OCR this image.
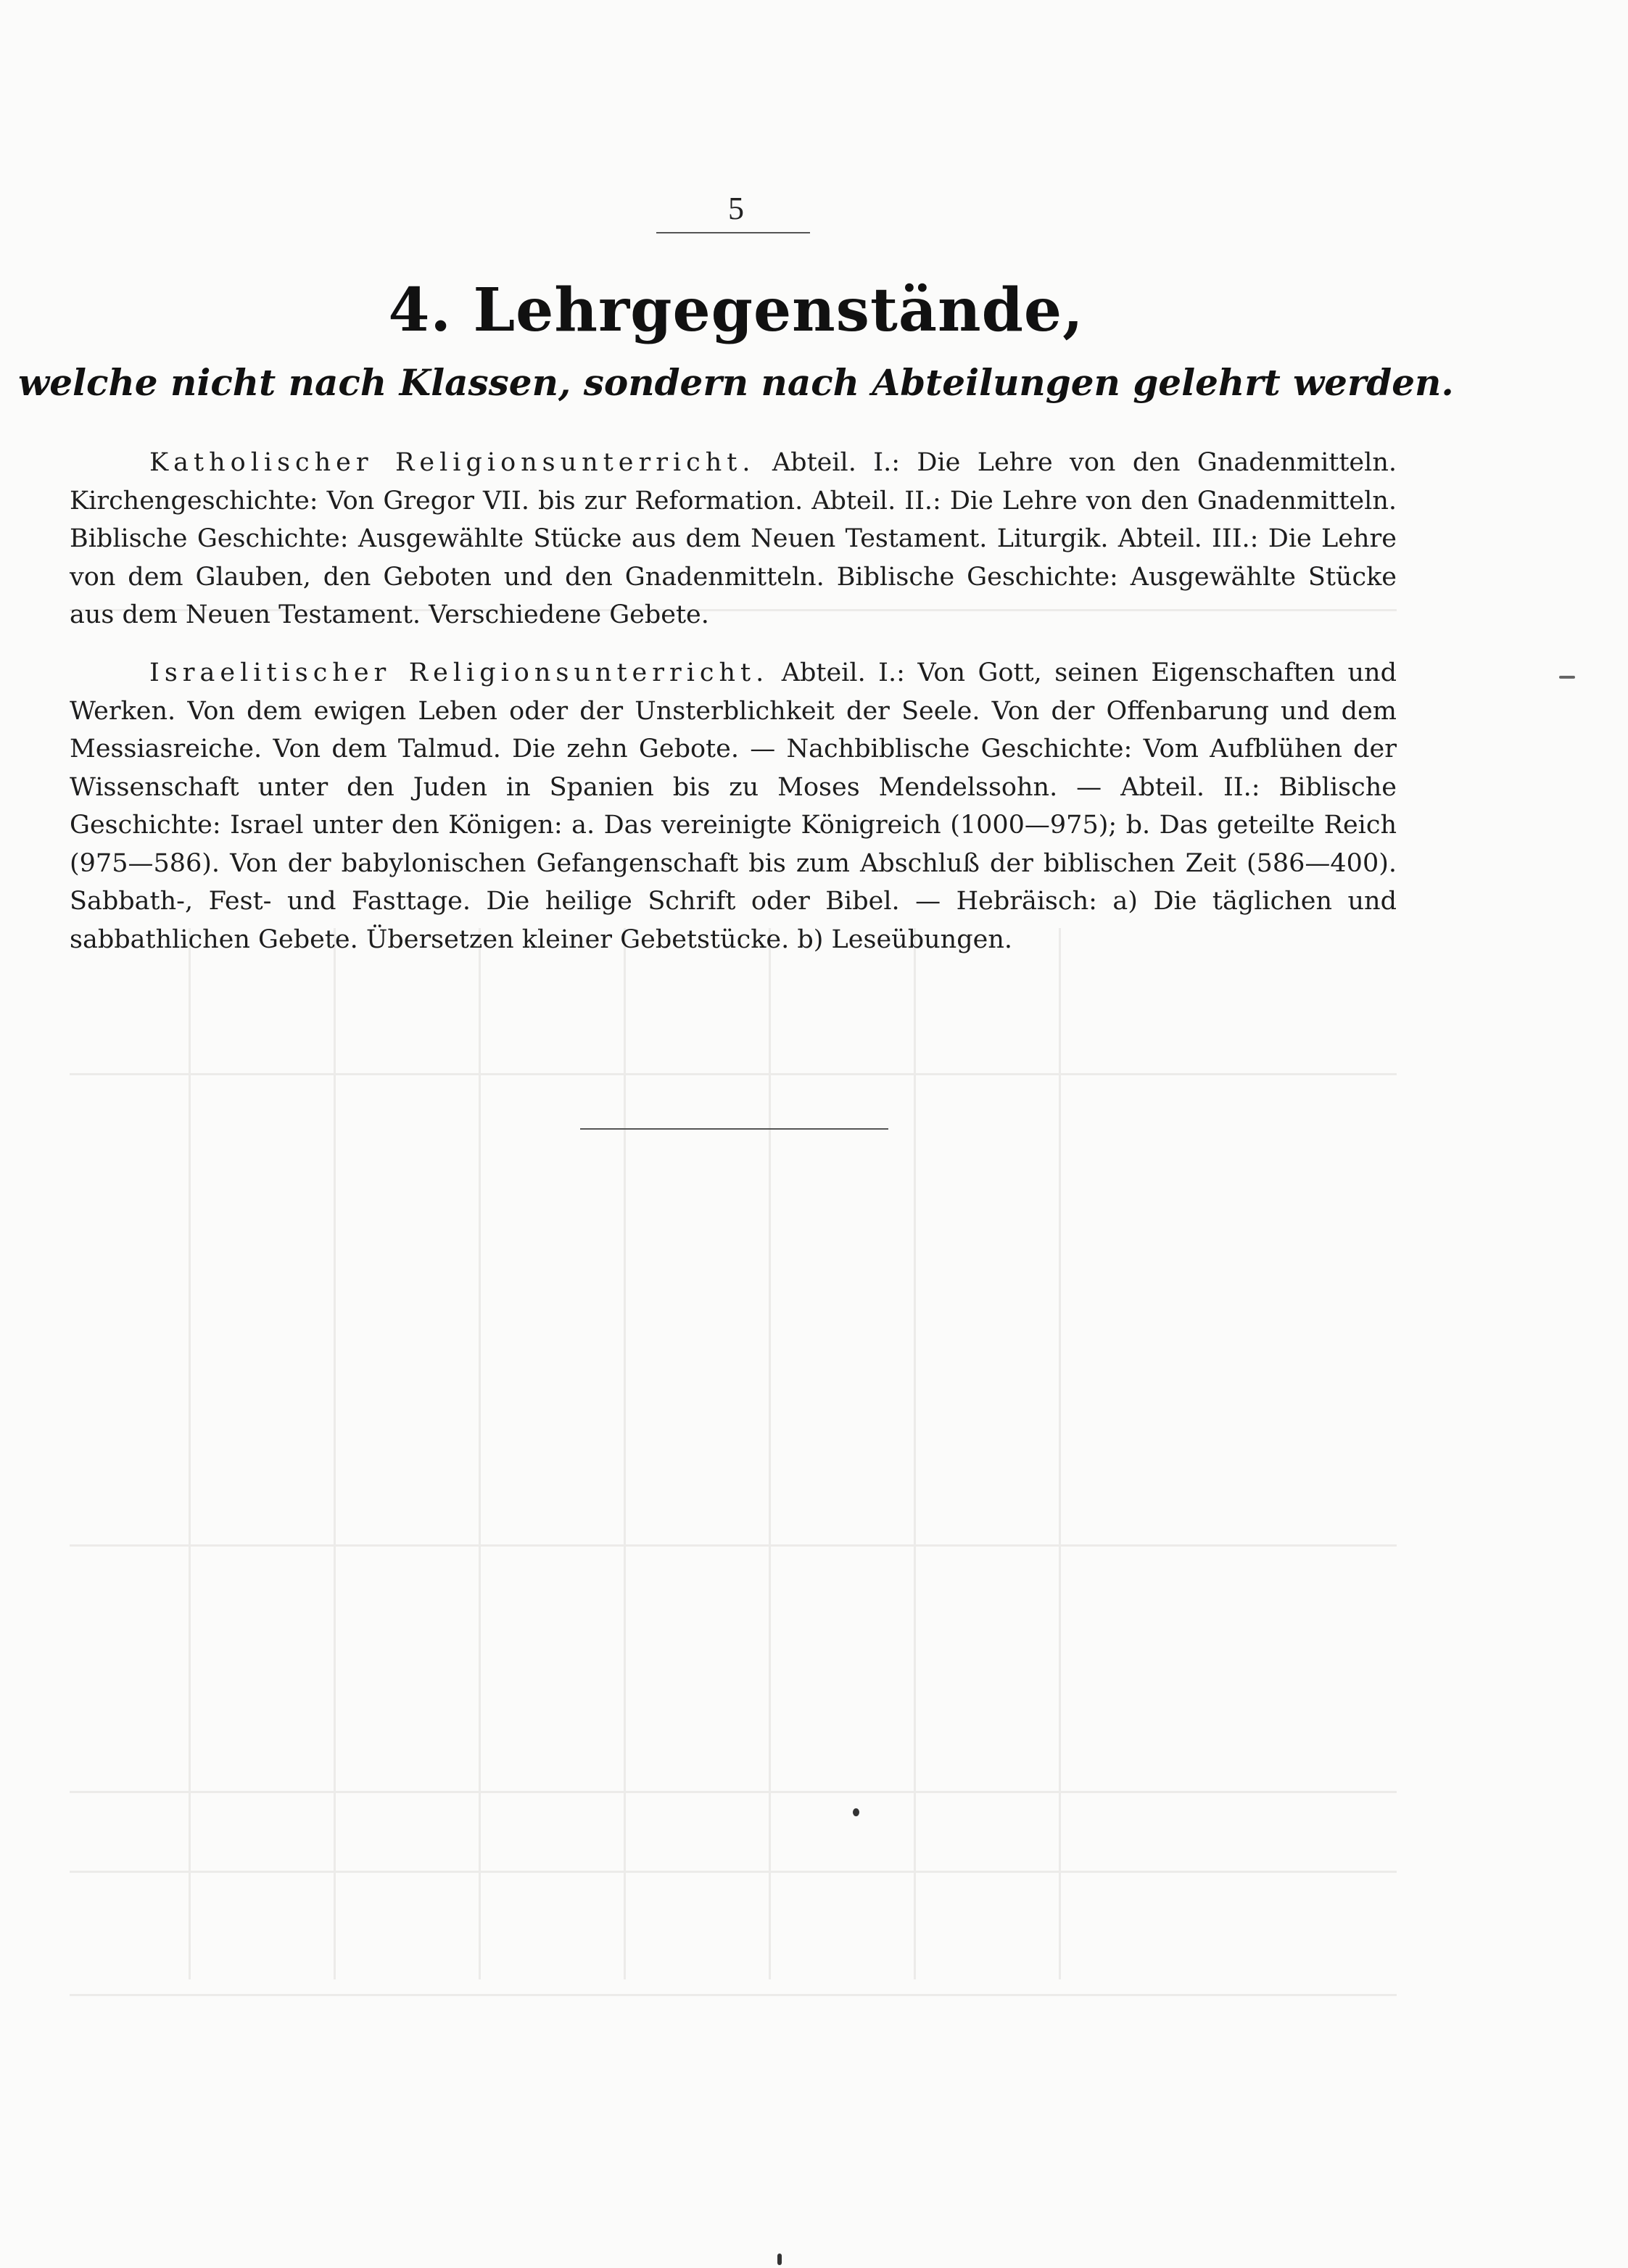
5
4. Lehrgegenstände,
welche nicht nach Klassen, sondern nach Abteilungen gelehrt werden.

Katholischer Religionsunterricht. Abteil. I.: Die Lehre von den Gnadenmitteln. Kirchengeschichte: Von Gregor VII. bis zur Reformation. Abteil. II.: Die Lehre von den Gnadenmitteln. Biblische Geschichte: Ausgewählte Stücke aus dem Neuen Testament. Liturgik. Abteil. III.: Die Lehre von dem Glauben, den Geboten und den Gnadenmitteln. Biblische Geschichte: Ausgewählte Stücke aus dem Neuen Testament. Verschiedene Gebete.

Israelitischer Religionsunterricht. Abteil. I.: Von Gott, seinen Eigenschaften und Werken. Von dem ewigen Leben oder der Unsterblichkeit der Seele. Von der Offenbarung und dem Messiasreiche. Von dem Talmud. Die zehn Gebote. — Nachbiblische Geschichte: Vom Aufblühen der Wissenschaft unter den Juden in Spanien bis zu Moses Mendelssohn. — Abteil. II.: Biblische Geschichte: Israel unter den Königen: a. Das vereinigte Königreich (1000—975); b. Das geteilte Reich (975—586). Von der babylonischen Gefangenschaft bis zum Abschluß der biblischen Zeit (586—400). Sabbath-, Fest- und Fasttage. Die heilige Schrift oder Bibel. — Hebräisch: a) Die täglichen und sabbathlichen Gebete. Übersetzen kleiner Gebetstücke. b) Leseübungen.
